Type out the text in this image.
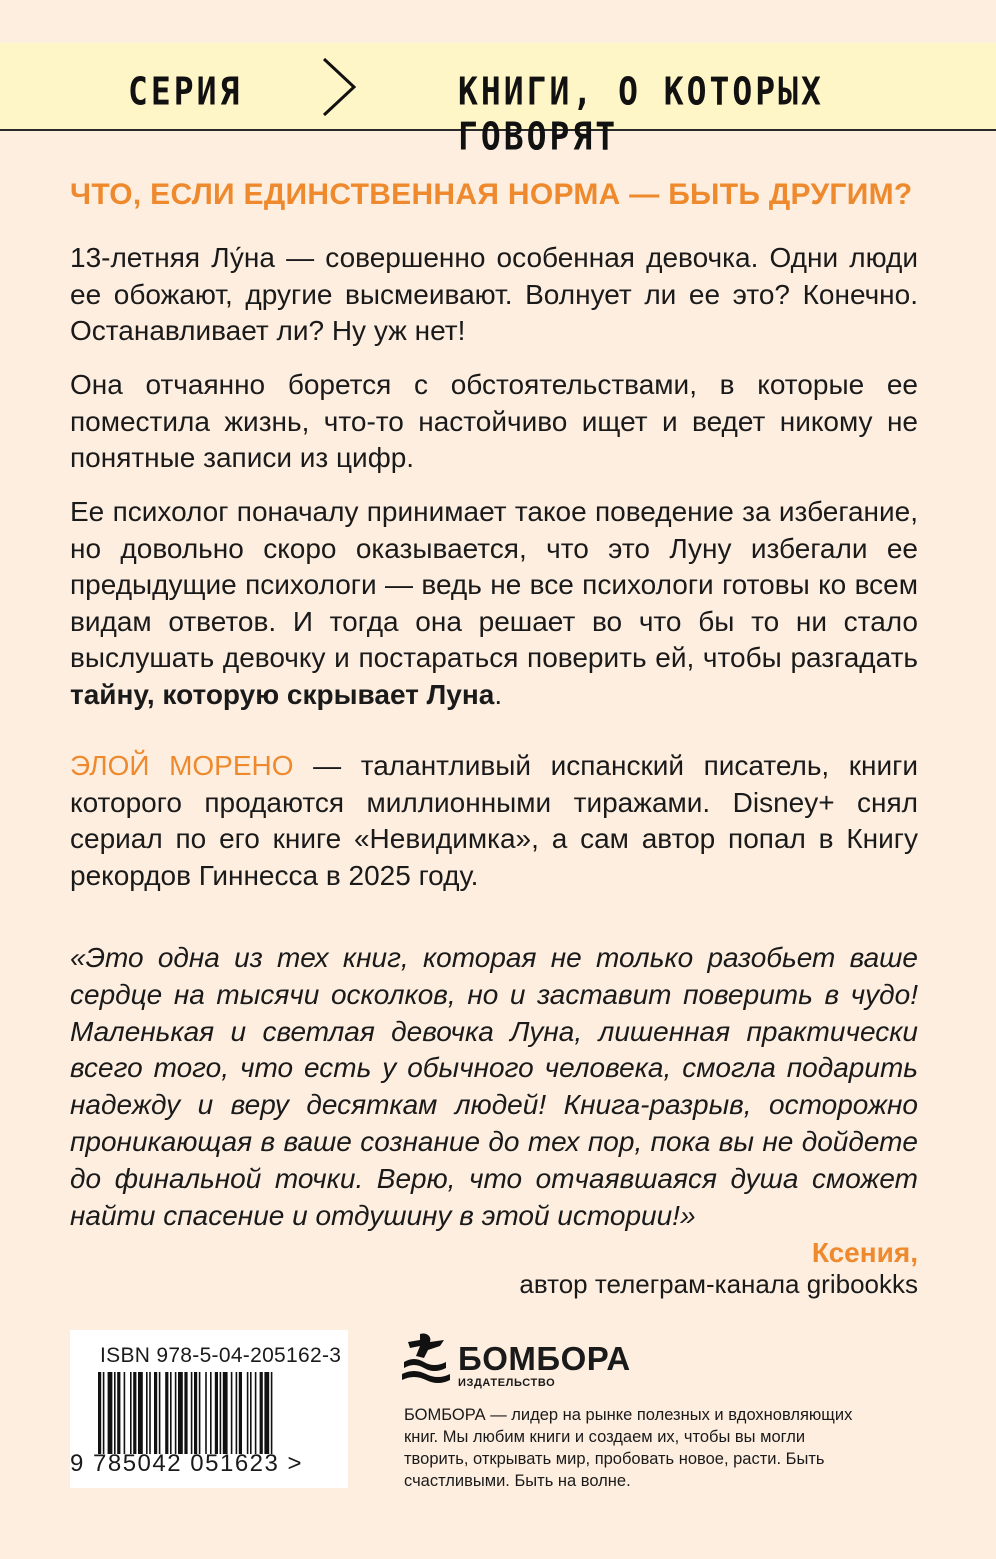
СЕРИЯ	КНИГИ, О КОТОРЫХ ГОВОРЯТ
ЧТО, ЕСЛИ ЕДИНСТВЕННАЯ НОРМА — БЫТЬ ДРУГИМ?

13-летняя Лу́на — совершенно особенная девочка. Одни люди ее обожают, другие высмеивают. Волнует ли ее это? Конечно. Останавливает ли? Ну уж нет!

Она отчаянно борется с обстоятельствами, в которые ее поместила жизнь, что-то настойчиво ищет и ведет никому не понятные записи из цифр.

Ее психолог поначалу принимает такое поведение за избегание, но довольно скоро оказывается, что это Луну избегали ее предыдущие психологи — ведь не все психологи готовы ко всем видам ответов. И тогда она решает во что бы то ни стало выслушать девочку и постараться поверить ей, чтобы разгадать тайну, которую скрывает Луна.

ЭЛОЙ МОРЕНО — талантливый испанский писатель, книги которого продаются миллионными тиражами. Disney+ снял сериал по его книге «Невидимка», а сам автор попал в Книгу рекордов Гиннесса в 2025 году.

«Это одна из тех книг, которая не только разобьет ваше сердце на тысячи осколков, но и заставит поверить в чудо! Маленькая и светлая девочка Луна, лишенная практически всего того, что есть у обычного человека, смогла подарить надежду и веру десяткам людей! Книга-разрыв, осторожно проникающая в ваше сознание до тех пор, пока вы не дойдете до финальной точки. Верю, что отчаявшаяся душа сможет найти спасение и отдушину в этой истории!»

Ксения,

автор телеграм-канала gribookks

ISBN 978-5-04-205162-3

9 785042 051623 >

БОМБОРА

ИЗДАТЕЛЬСТВО

БОМБОРА — лидер на рынке полезных и вдохновляющих книг. Мы любим книги и создаем их, чтобы вы могли творить, открывать мир, пробовать новое, расти. Быть счастливыми. Быть на волне.
